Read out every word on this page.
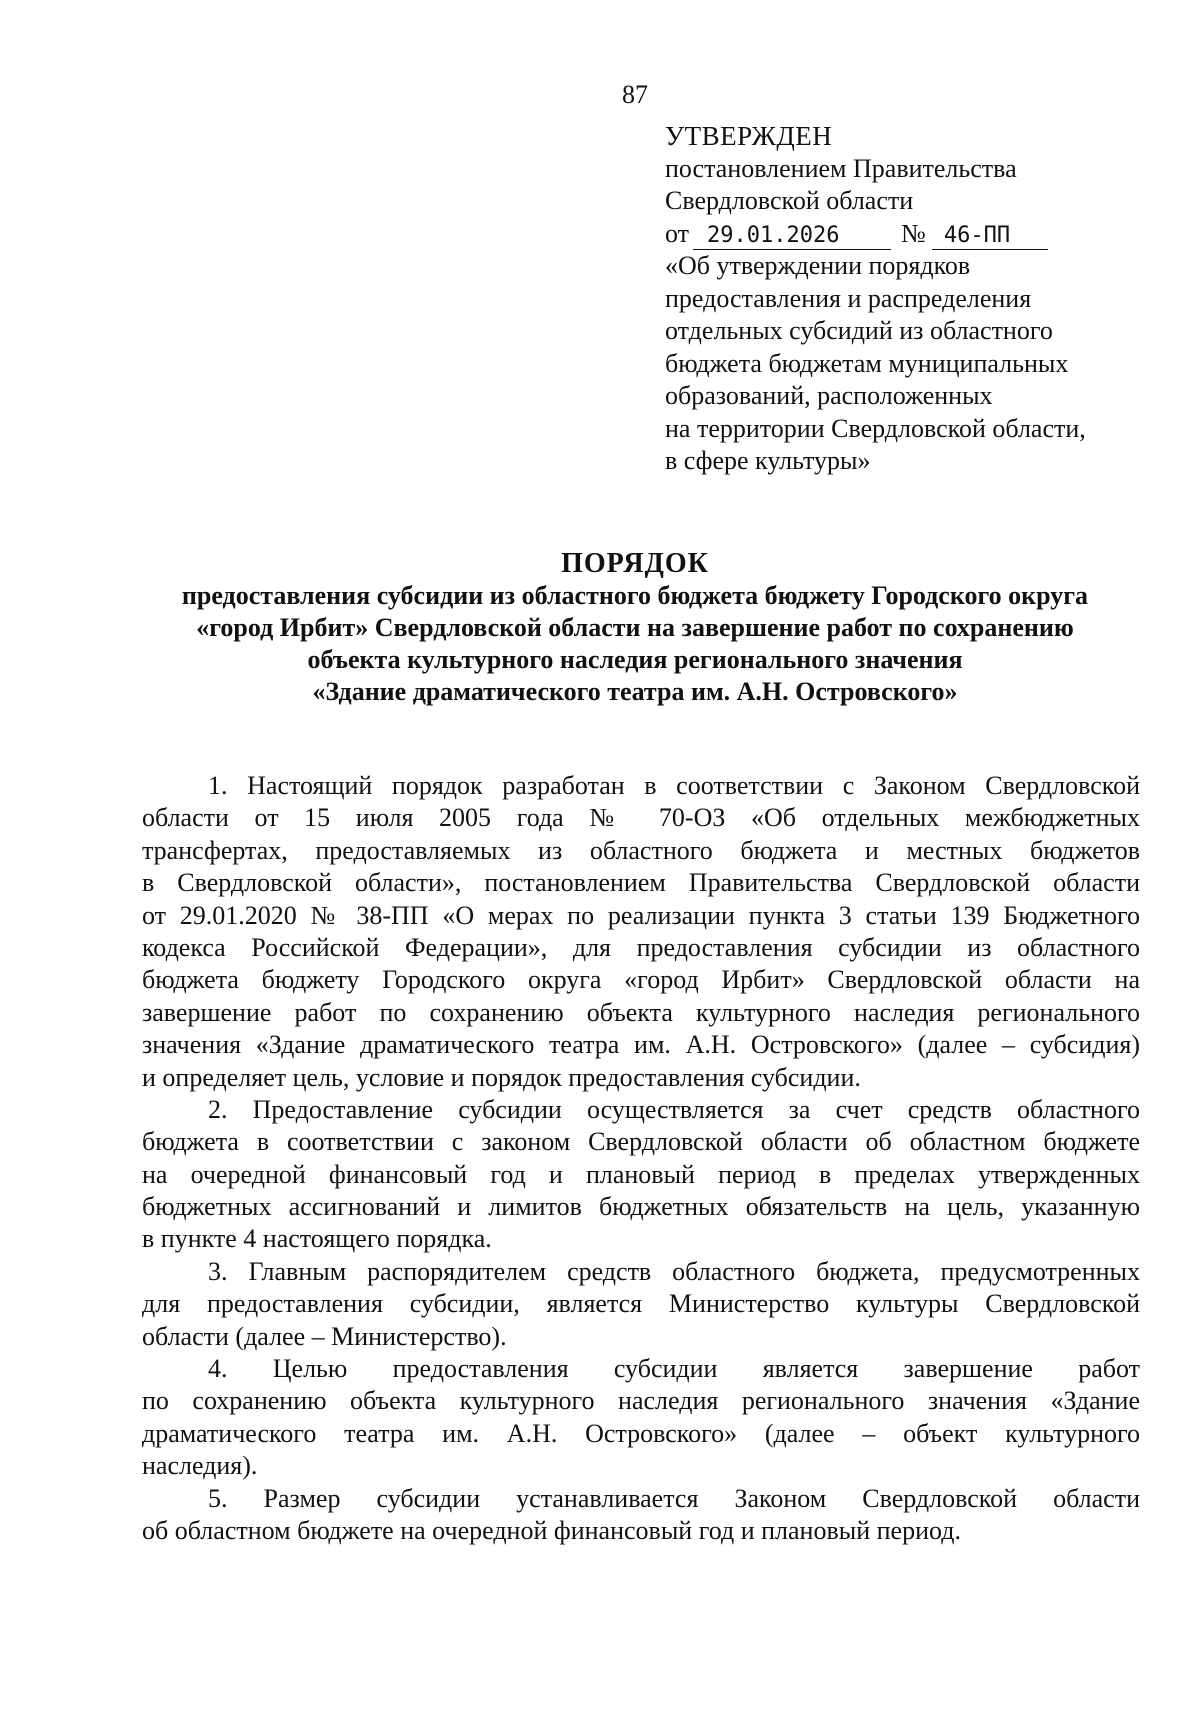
87
УТВЕРЖДЕН
постановлением Правительства
Свердловской области
от 29.01.2026 № 46-ПП
«Об утверждении порядков
предоставления и распределения
отдельных субсидий из областного
бюджета бюджетам муниципальных
образований, расположенных
на территории Свердловской области,
в сфере культуры»
ПОРЯДОК
предоставления субсидии из областного бюджета бюджету Городского округа
«город Ирбит» Свердловской области на завершение работ по сохранению
объекта культурного наследия регионального значения
«Здание драматического театра им. А.Н. Островского»
1. Настоящий порядок разработан в соответствии с Законом Свердловской
области от 15 июля 2005 года № 70-ОЗ «Об отдельных межбюджетных
трансфертах, предоставляемых из областного бюджета и местных бюджетов
в Свердловской области», постановлением Правительства Свердловской области
от 29.01.2020 № 38-ПП «О мерах по реализации пункта 3 статьи 139 Бюджетного
кодекса Российской Федерации», для предоставления субсидии из областного
бюджета бюджету Городского округа «город Ирбит» Свердловской области на
завершение работ по сохранению объекта культурного наследия регионального
значения «Здание драматического театра им. А.Н. Островского» (далее – субсидия)
и определяет цель, условие и порядок предоставления субсидии.
2. Предоставление субсидии осуществляется за счет средств областного
бюджета в соответствии с законом Свердловской области об областном бюджете
на очередной финансовый год и плановый период в пределах утвержденных
бюджетных ассигнований и лимитов бюджетных обязательств на цель, указанную
в пункте 4 настоящего порядка.
3. Главным распорядителем средств областного бюджета, предусмотренных
для предоставления субсидии, является Министерство культуры Свердловской
области (далее – Министерство).
4. Целью предоставления субсидии является завершение работ
по сохранению объекта культурного наследия регионального значения «Здание
драматического театра им. А.Н. Островского» (далее – объект культурного
наследия).
5. Размер субсидии устанавливается Законом Свердловской области
об областном бюджете на очередной финансовый год и плановый период.
